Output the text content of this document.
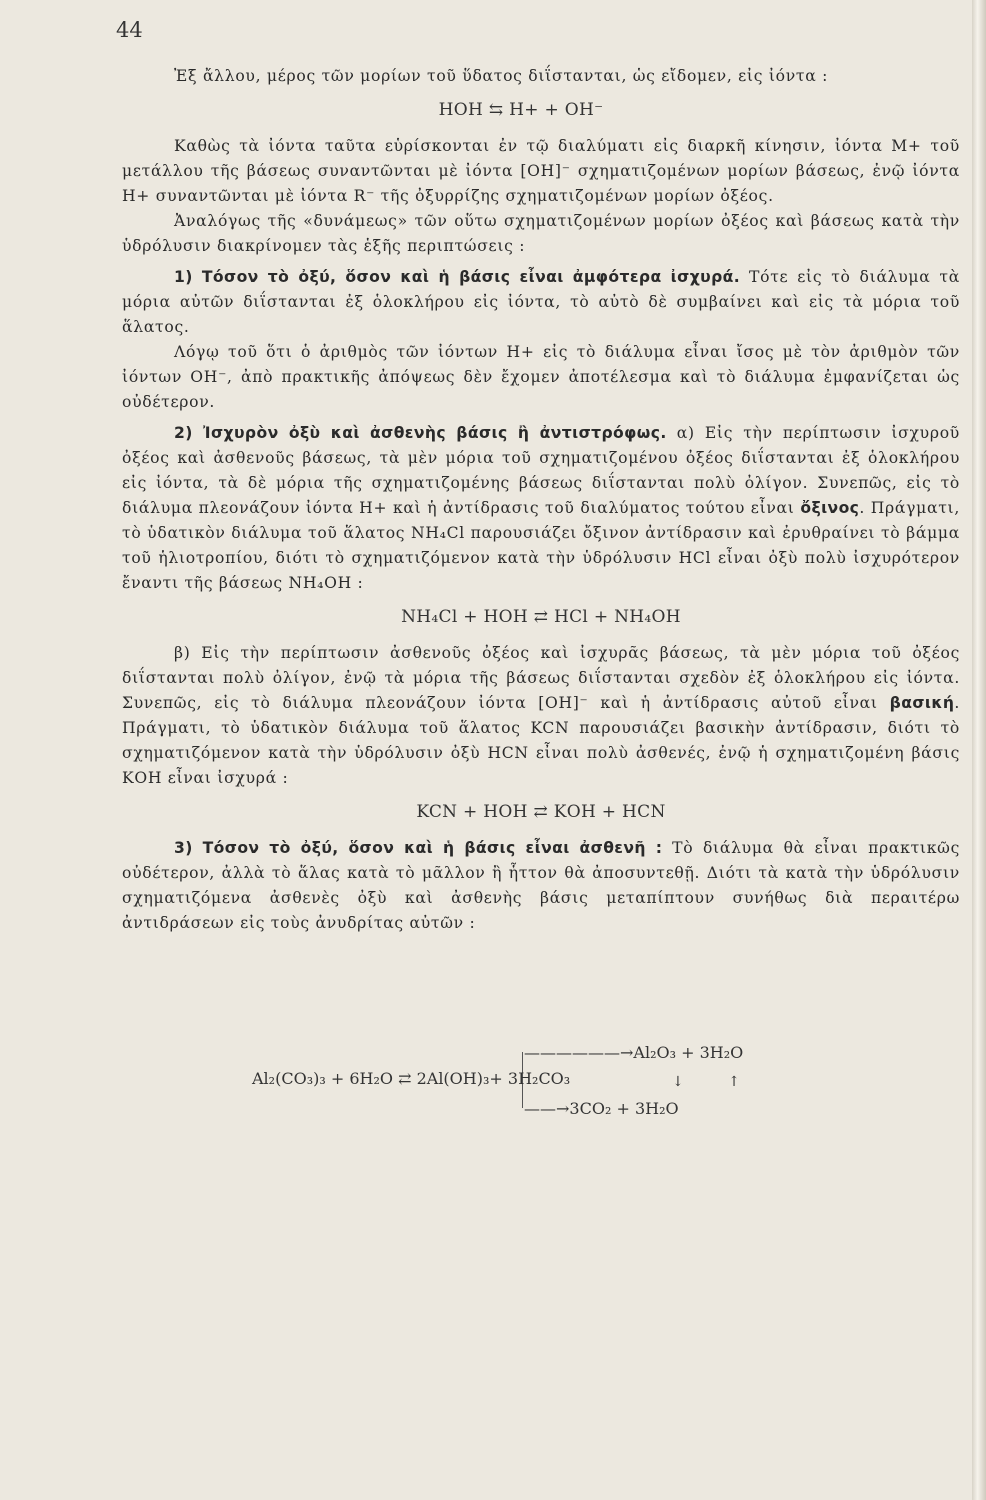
44

Ἐξ ἄλλου, μέρος τῶν μορίων τοῦ ὕδατος διΐστανται, ὡς εἴδομεν, εἰς ἰόντα :

ΗΟΗ ⇆ Η+ + ΟΗ⁻

Καθὼς τὰ ἰόντα ταῦτα εὑρίσκονται ἐν τῷ διαλύματι εἰς διαρκῆ κίνησιν, ἰόντα Μ+ τοῦ μετάλλου τῆς βάσεως συναντῶνται μὲ ἰόντα [ΟΗ]⁻ σχηματιζομένων μορίων βάσεως, ἐνῷ ἰόντα Η+ συναντῶνται μὲ ἰόντα R⁻ τῆς ὀξυρρίζης σχηματιζομένων μορίων ὀξέος.

Ἀναλόγως τῆς «δυνάμεως» τῶν οὕτω σχηματιζομένων μορίων ὀξέος καὶ βάσεως κατὰ τὴν ὑδρόλυσιν διακρίνομεν τὰς ἑξῆς περιπτώσεις :

1) Τόσον τὸ ὀξύ, ὅσον καὶ ἡ βάσις εἶναι ἀμφότερα ἰσχυρά. Τότε εἰς τὸ διάλυμα τὰ μόρια αὐτῶν διΐστανται ἐξ ὁλοκλήρου εἰς ἰόντα, τὸ αὐτὸ δὲ συμβαίνει καὶ εἰς τὰ μόρια τοῦ ἅλατος.

Λόγῳ τοῦ ὅτι ὁ ἀριθμὸς τῶν ἰόντων Η+ εἰς τὸ διάλυμα εἶναι ἴσος μὲ τὸν ἀριθμὸν τῶν ἰόντων ΟΗ⁻, ἀπὸ πρακτικῆς ἀπόψεως δὲν ἔχομεν ἀποτέλεσμα καὶ τὸ διάλυμα ἐμφανίζεται ὡς οὐδέτερον.

2) Ἰσχυρὸν ὀξὺ καὶ ἀσθενὴς βάσις ἢ ἀντιστρόφως. α) Εἰς τὴν περίπτωσιν ἰσχυροῦ ὀξέος καὶ ἀσθενοῦς βάσεως, τὰ μὲν μόρια τοῦ σχηματιζομένου ὀξέος διΐστανται ἐξ ὁλοκλήρου εἰς ἰόντα, τὰ δὲ μόρια τῆς σχηματιζομένης βάσεως διΐστανται πολὺ ὀλίγον. Συνεπῶς, εἰς τὸ διάλυμα πλεονάζουν ἰόντα Η+ καὶ ἡ ἀντίδρασις τοῦ διαλύματος τούτου εἶναι ὄξινος. Πράγματι, τὸ ὑδατικὸν διάλυμα τοῦ ἅλατος ΝΗ₄Cl παρουσιάζει ὄξινον ἀντίδρασιν καὶ ἐρυθραίνει τὸ βάμμα τοῦ ἡλιοτροπίου, διότι τὸ σχηματιζόμενον κατὰ τὴν ὑδρόλυσιν HCl εἶναι ὀξὺ πολὺ ἰσχυρότερον ἔναντι τῆς βάσεως ΝΗ₄ΟΗ :

ΝΗ₄Cl + ΗΟΗ ⇄ HCl + ΝΗ₄ΟΗ

β) Εἰς τὴν περίπτωσιν ἀσθενοῦς ὀξέος καὶ ἰσχυρᾶς βάσεως, τὰ μὲν μόρια τοῦ ὀξέος διΐστανται πολὺ ὀλίγον, ἐνῷ τὰ μόρια τῆς βάσεως διΐστανται σχεδὸν ἐξ ὁλοκλήρου εἰς ἰόντα. Συνεπῶς, εἰς τὸ διάλυμα πλεονάζουν ἰόντα [ΟΗ]⁻ καὶ ἡ ἀντίδρασις αὐτοῦ εἶναι βασική. Πράγματι, τὸ ὑδατικὸν διάλυμα τοῦ ἅλατος KCN παρουσιάζει βασικὴν ἀντίδρασιν, διότι τὸ σχηματιζόμενον κατὰ τὴν ὑδρόλυσιν ὀξὺ HCN εἶναι πολὺ ἀσθενές, ἐνῷ ἡ σχηματιζομένη βάσις ΚΟΗ εἶναι ἰσχυρά :

KCN + ΗΟΗ ⇄ ΚΟΗ + HCN

3) Τόσον τὸ ὀξύ, ὅσον καὶ ἡ βάσις εἶναι ἀσθενῆ : Τὸ διάλυμα θὰ εἶναι πρακτικῶς οὐδέτερον, ἀλλὰ τὸ ἅλας κατὰ τὸ μᾶλλον ἢ ἧττον θὰ ἀποσυντεθῇ. Διότι τὰ κατὰ τὴν ὑδρόλυσιν σχηματιζόμενα ἀσθενὲς ὀξὺ καὶ ἀσθενὴς βάσις μεταπίπτουν συνήθως διὰ περαιτέρω ἀντιδράσεων εἰς τοὺς ἀνυδρίτας αὐτῶν :

——————→Al₂O₃ + 3H₂O
Al₂(CO₃)₃ + 6H₂O ⇄ 2Al(OH)₃+ 3H₂CO₃	↓ ↑
——→3CO₂ + 3H₂O
